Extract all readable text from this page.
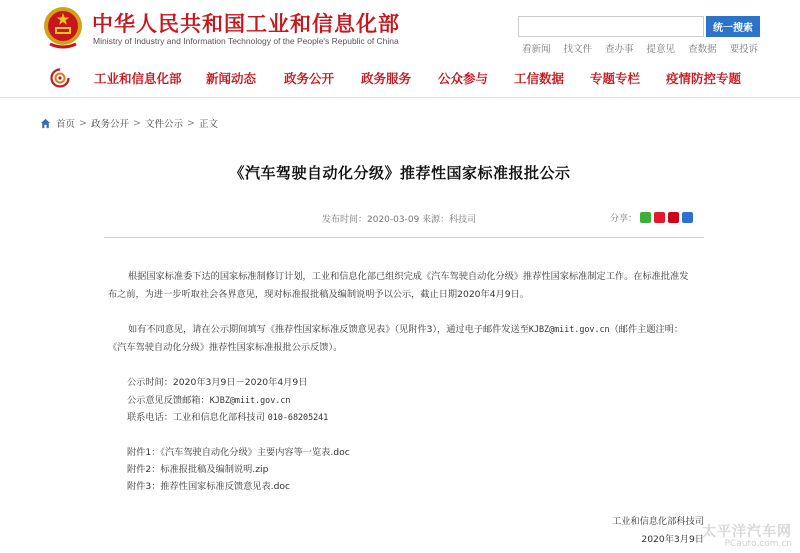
中华人民共和国工业和信息化部
Ministry of Industry and Information Technology of the People's Republic of China
统一搜索
看新闻 找文件 查办事 提意见 查数据 要投诉
工业和信息化部 新闻动态 政务公开 政务服务 公众参与 工信数据 专题专栏 疫情防控专题
首页 > 政务公开 > 文件公示 > 正文
《汽车驾驶自动化分级》推荐性国家标准报批公示
发布时间：2020-03-09 来源：科技司	分享：

根据国家标准委下达的国家标准制修订计划，工业和信息化部已组织完成《汽车驾驶自动化分级》推荐性国家标准制定工作。在标准批准发布之前，为进一步听取社会各界意见，现对标准报批稿及编制说明予以公示，截止日期2020年4月9日。

如有不同意见，请在公示期间填写《推荐性国家标准反馈意见表》（见附件3），通过电子邮件发送至KJBZ@miit.gov.cn（邮件主题注明：《汽车驾驶自动化分级》推荐性国家标准报批公示反馈）。

公示时间：2020年3月9日－2020年4月9日
公示意见反馈邮箱：KJBZ@miit.gov.cn
联系电话：工业和信息化部科技司 010-68205241
附件1：《汽车驾驶自动化分级》主要内容等一览表.doc
附件2：标准报批稿及编制说明.zip
附件3：推荐性国家标准反馈意见表.doc
工业和信息化部科技司
2020年3月9日
太平洋汽车网
PCauto.com.cn
